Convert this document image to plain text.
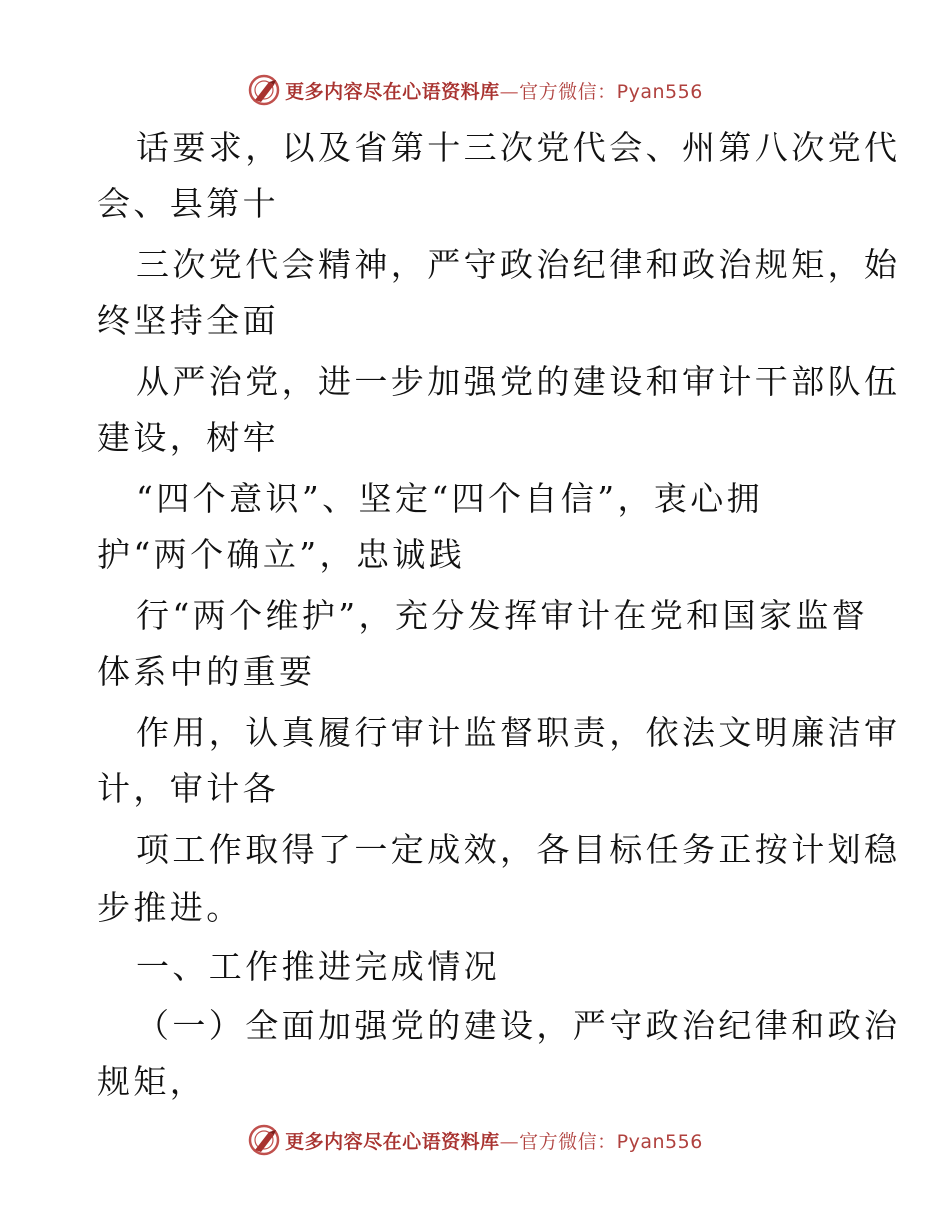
更多内容尽在心语资料库—官方微信：Pyan556
话要求，以及省第十三次党代会、州第八次党代
会、县第十
三次党代会精神，严守政治纪律和政治规矩，始
终坚持全面
从严治党，进一步加强党的建设和审计干部队伍
建设，树牢
“四个意识”、坚定“四个自信”，衷心拥
护“两个确立”，忠诚践
行“两个维护”，充分发挥审计在党和国家监督
体系中的重要
作用，认真履行审计监督职责，依法文明廉洁审
计，审计各
项工作取得了一定成效，各目标任务正按计划稳
步推进。
一、工作推进完成情况
（一）全面加强党的建设，严守政治纪律和政治
规矩，
更多内容尽在心语资料库—官方微信：Pyan556
